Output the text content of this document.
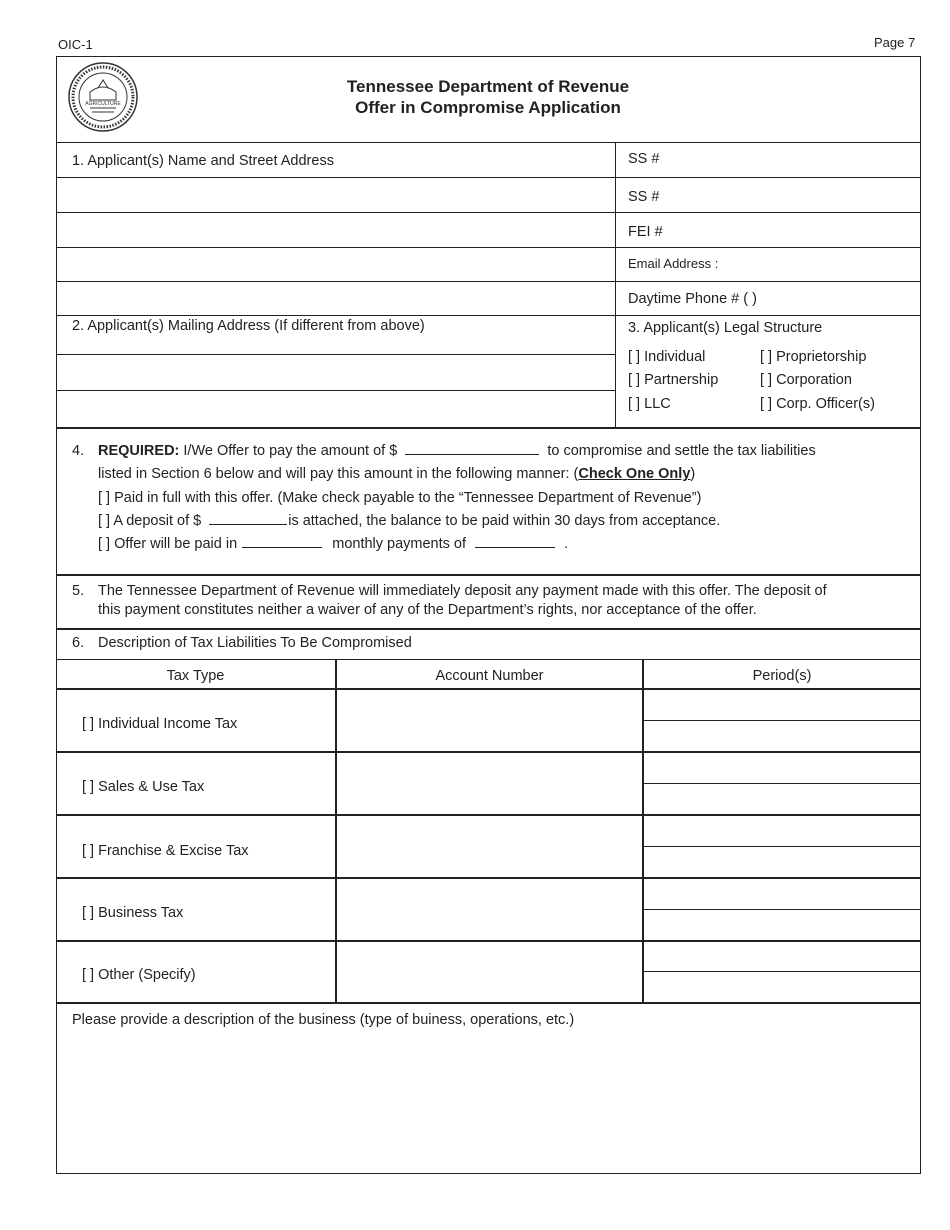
OIC-1	Page 7
AGRICULTURE
Tennessee Department of Revenue
Offer in Compromise Application
1. Applicant(s) Name and Street Address	SS #
SS #
FEI #
Email Address :
Daytime Phone # ( )
2. Applicant(s) Mailing Address (If different from above)	3. Applicant(s) Legal Structure
[ ] Individual	[ ] Proprietorship
[ ] Partnership	[ ] Corporation
[ ] LLC	[ ] Corp. Officer(s)
4. REQUIRED: I/We Offer to pay the amount of $	to compromise and settle the tax liabilities
listed in Section 6 below and will pay this amount in the following manner: (Check One Only)
[ ] Paid in full with this offer. (Make check payable to the “Tennessee Department of Revenue”)
[ ] A deposit of $	is attached, the balance to be paid within 30 days from acceptance.
[ ] Offer will be paid in	monthly payments of	.
5. The Tennessee Department of Revenue will immediately deposit any payment made with this offer. The deposit of
this payment constitutes neither a waiver of any of the Department’s rights, nor acceptance of the offer.
6. Description of Tax Liabilities To Be Compromised
Tax Type	Account Number	Period(s)
[ ] Individual Income Tax
[ ] Sales & Use Tax
[ ] Franchise & Excise Tax
[ ] Business Tax
[ ] Other (Specify)
Please provide a description of the business (type of buiness, operations, etc.)
